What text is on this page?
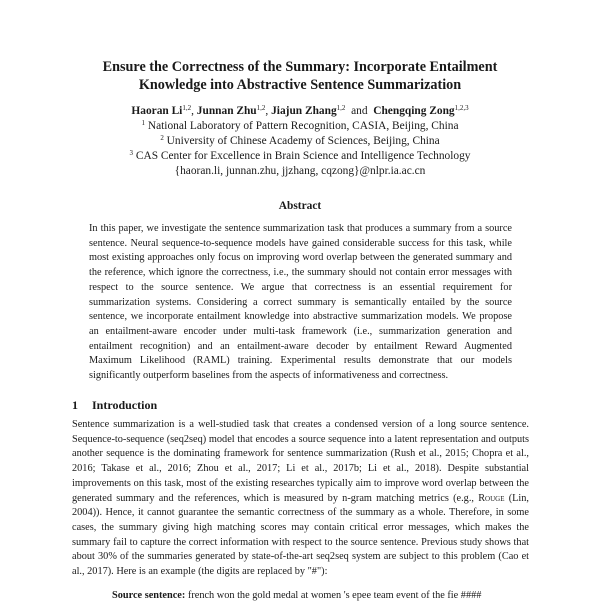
Ensure the Correctness of the Summary: Incorporate Entailment
Knowledge into Abstractive Sentence Summarization
Haoran Li$^{1,2}$, Junnan Zhu$^{1,2}$, Jiajun Zhang$^{1,2}$ and Chengqing Zong$^{1,2,3}$
$^1$ National Laboratory of Pattern Recognition, CASIA, Beijing, China
$^2$ University of Chinese Academy of Sciences, Beijing, China
$^3$ CAS Center for Excellence in Brain Science and Intelligence Technology
{haoran.li, junnan.zhu, jjzhang, cqzong}@nlpr.ia.ac.cn
Abstract
In this paper, we investigate the sentence summarization task that produces a summary from a source sentence. Neural sequence-to-sequence models have gained considerable success for this task, while most existing approaches only focus on improving word overlap between the generated summary and the reference, which ignore the correctness, i.e., the summary should not contain error messages with respect to the source sentence. We argue that correctness is an essential requirement for summarization systems. Considering a correct summary is semantically entailed by the source sentence, we incorporate entailment knowledge into abstractive summarization models. We propose an entailment-aware encoder under multi-task framework (i.e., summarization generation and entailment recognition) and an entailment-aware decoder by entailment Reward Augmented Maximum Likelihood (RAML) training. Experimental results demonstrate that our models significantly outperform baselines from the aspects of informativeness and correctness.
1 Introduction
Sentence summarization is a well-studied task that creates a condensed version of a long source sentence. Sequence-to-sequence (seq2seq) model that encodes a source sequence into a latent representation and outputs another sequence is the dominating framework for sentence summarization (Rush et al., 2015; Chopra et al., 2016; Takase et al., 2016; Zhou et al., 2017; Li et al., 2017b; Li et al., 2018). Despite substantial improvements on this task, most of the existing researches typically aim to improve word overlap between the generated summary and the references, which is measured by n-gram matching metrics (e.g., Rouge (Lin, 2004)). Hence, it cannot guarantee the semantic correctness of the summary as a whole. Therefore, in some cases, the summary giving high matching scores may contain critical error messages, which makes the summary fail to capture the correct information with respect to the source sentence. Previous study shows that about 30% of the summaries generated by state-of-the-art seq2seq system are subject to this problem (Cao et al., 2017). Here is an example (the digits are replaced by "#"):
Source sentence: french won the gold medal at women 's epee team event of the fie ####
